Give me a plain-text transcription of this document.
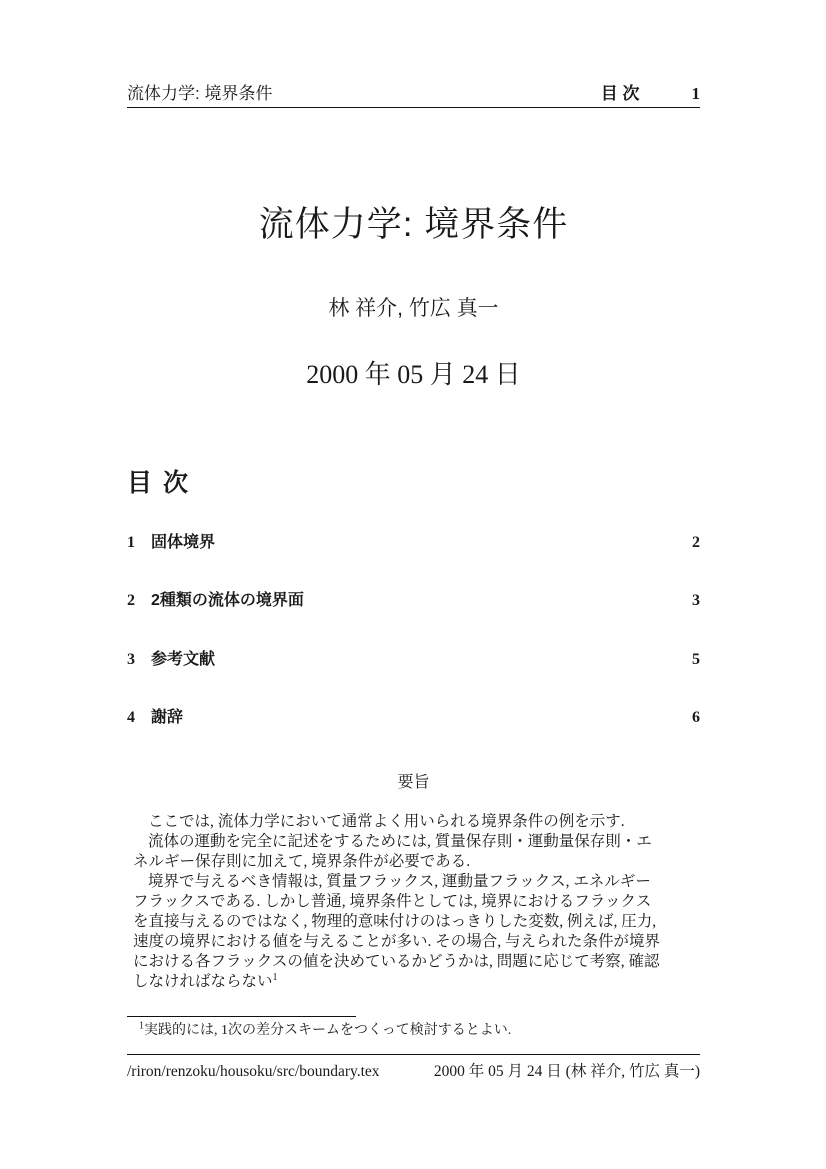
流体力学: 境界条件	目 次	1
流体力学: 境界条件
林 祥介, 竹広 真一
2000 年 05 月 24 日
目 次
1	固体境界	2
2	2種類の流体の境界面	3
3	参考文献	5
4	謝辞	6
要旨
ここでは, 流体力学において通常よく用いられる境界条件の例を示す.
流体の運動を完全に記述をするためには, 質量保存則・運動量保存則・エ
ネルギー保存則に加えて, 境界条件が必要である.
境界で与えるべき情報は, 質量フラックス, 運動量フラックス, エネルギー
フラックスである. しかし普通, 境界条件としては, 境界におけるフラックス
を直接与えるのではなく, 物理的意味付けのはっきりした変数, 例えば, 圧力,
速度の境界における値を与えることが多い. その場合, 与えられた条件が境界
における各フラックスの値を決めているかどうかは, 問題に応じて考察, 確認
しなければならない$^1$
$^1$実践的には, 1次の差分スキームをつくって検討するとよい.
/riron/renzoku/housoku/src/boundary.tex	2000 年 05 月 24 日 (林 祥介, 竹広 真一)
